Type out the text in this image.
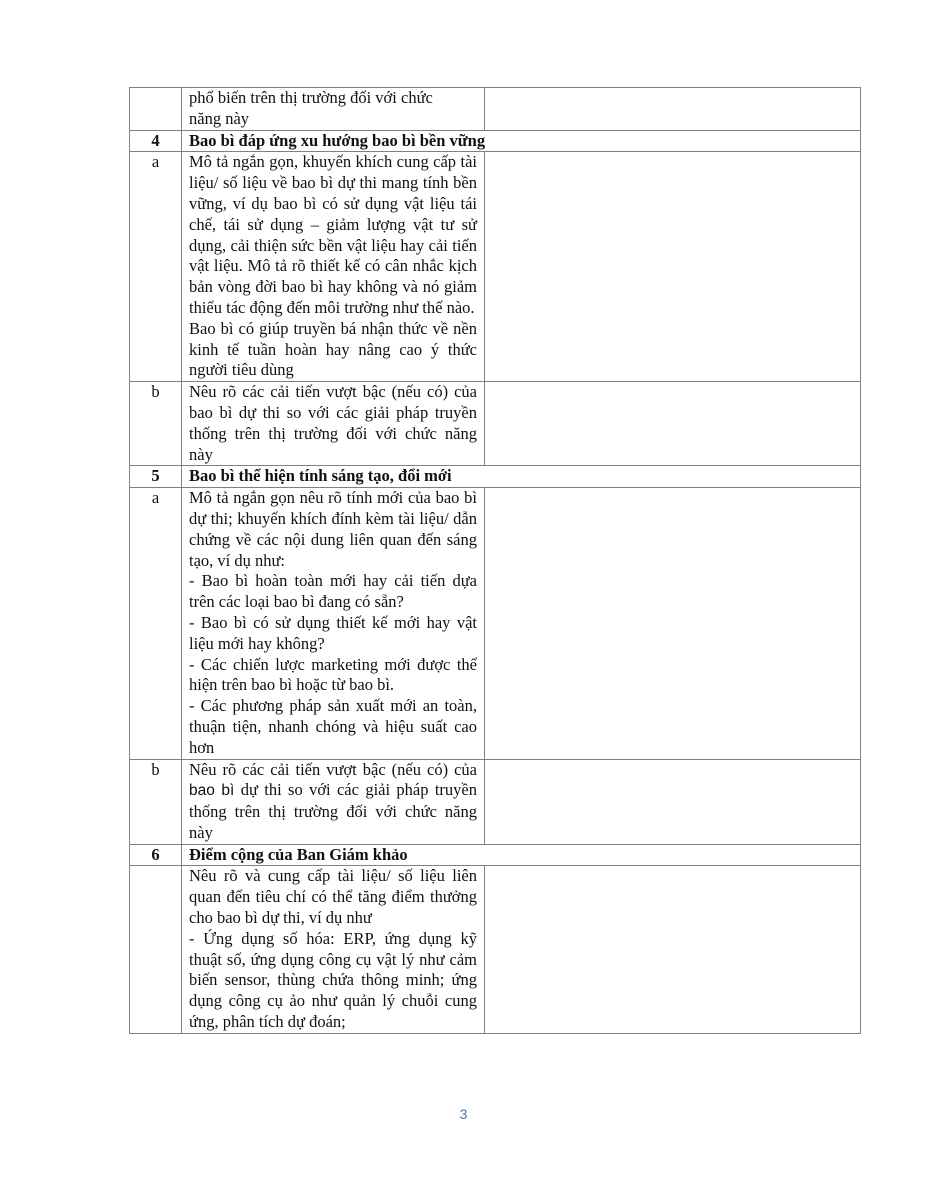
	phổ biến trên thị trường đối với chức
năng này	

4	Bao bì đáp ứng xu hướng bao bì bền vững	
a	Mô tả ngắn gọn, khuyến khích cung cấp tài liệu/ số liệu về bao bì dự thi mang tính bền vững, ví dụ bao bì có sử dụng vật liệu tái chế, tái sử dụng – giảm lượng vật tư sử dụng, cải thiện sức bền vật liệu hay cải tiến vật liệu. Mô tả rõ thiết kế có cân nhắc kịch bản vòng đời bao bì hay không và nó giảm thiểu tác động đến môi trường như thế nào.
Bao bì có giúp truyền bá nhận thức về nền kinh tế tuần hoàn hay nâng cao ý thức người tiêu dùng	

b	Nêu rõ các cải tiến vượt bậc (nếu có) của bao bì dự thi so với các giải pháp truyền thống trên thị trường đối với chức năng này	
5	Bao bì thể hiện tính sáng tạo, đổi mới	
a	Mô tả ngắn gọn nêu rõ tính mới của bao bì dự thi; khuyến khích đính kèm tài liệu/ dẫn chứng về các nội dung liên quan đến sáng tạo, ví dụ như:
- Bao bì hoàn toàn mới hay cải tiến dựa trên các loại bao bì đang có sẵn?
- Bao bì có sử dụng thiết kế mới hay vật liệu mới hay không?
- Các chiến lược marketing mới được thể hiện trên bao bì hoặc từ bao bì.
- Các phương pháp sản xuất mới an toàn, thuận tiện, nhanh chóng và hiệu suất cao hơn	

b	Nêu rõ các cải tiến vượt bậc (nếu có) của bao bì dự thi so với các giải pháp truyền thống trên thị trường đối với chức năng này	
6	Điểm cộng của Ban Giám khảo	

	Nêu rõ và cung cấp tài liệu/ số liệu liên quan đến tiêu chí có thể tăng điểm thưởng cho bao bì dự thi, ví dụ như
- Ứng dụng số hóa: ERP, ứng dụng kỹ thuật số, ứng dụng công cụ vật lý như cảm biến sensor, thùng chứa thông minh; ứng dụng công cụ ảo như quản lý chuỗi cung ứng, phân tích dự đoán;	

3
